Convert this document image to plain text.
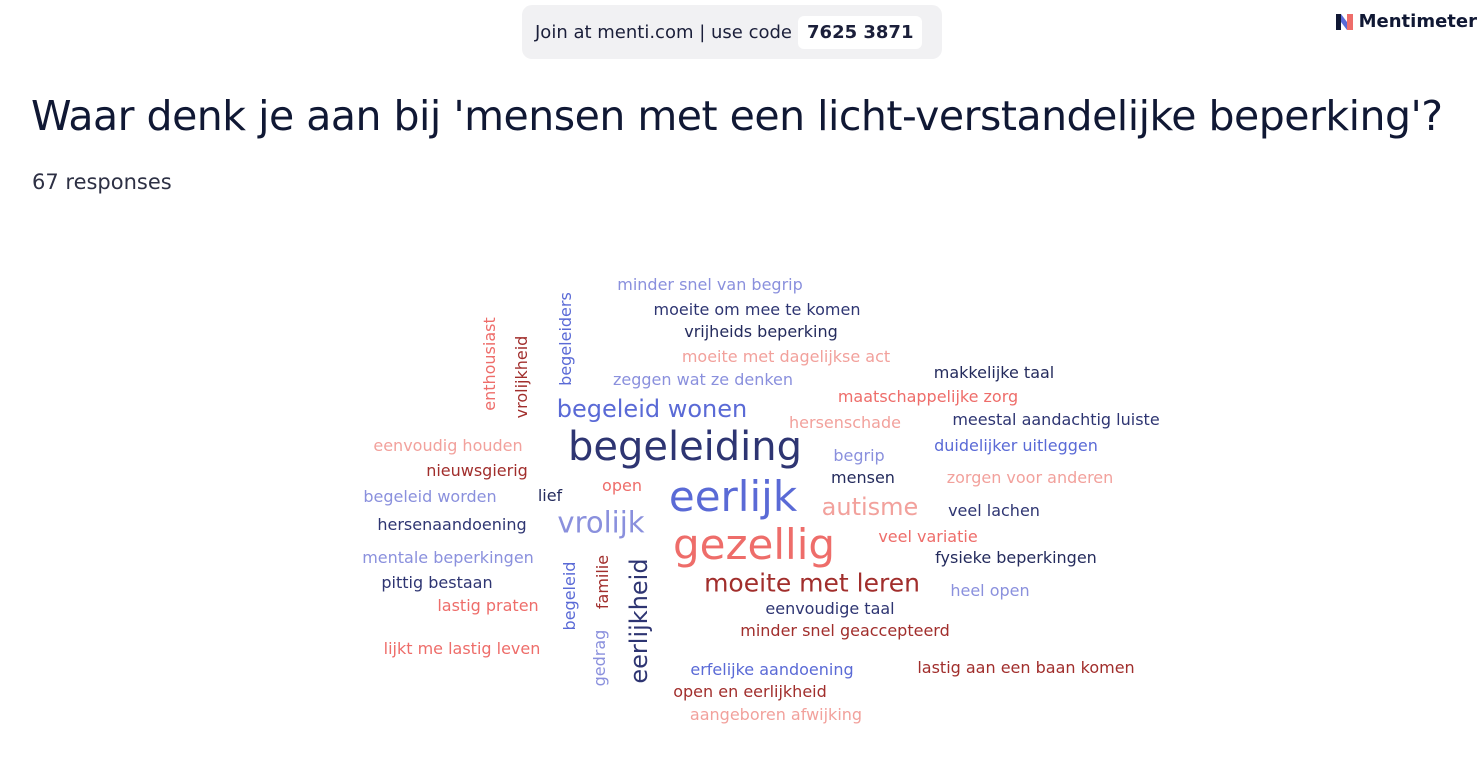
Join at menti.com | use code 7625 3871	Mentimeter
Waar denk je aan bij 'mensen met een licht-verstandelijke beperking'?
67 responses
minder snel van begrip
moeite om mee te komen
vrijheids beperking
moeite met dagelijkse act
zeggen wat ze denken	makkelijke taal
maatschappelijke zorg
begeleid wonen	hersenschade	meestal aandachtig luiste
eenvoudig houden begeleiding begrip
duidelijker uitleggen
nieuwsgierig	mensen	zorgen voor anderen
open
begeleid worden	lief	eerlijk autisme veel lachen
hersenaandoening vrolijk	veel variatie
gezellig
mentale beperkingen	fysieke beperkingen
pittig bestaan	moeite met leren
lastig praten
heel open
eenvoudige taal
minder snel geaccepteerd
lijkt me lastig leven
erfelijke aandoening	lastig aan een baan komen
open en eerlijkheid
aangeboren afwijking
enthousiast vrolijkheid begeleiders
begeleid familie
gedrag eerlijkheid
